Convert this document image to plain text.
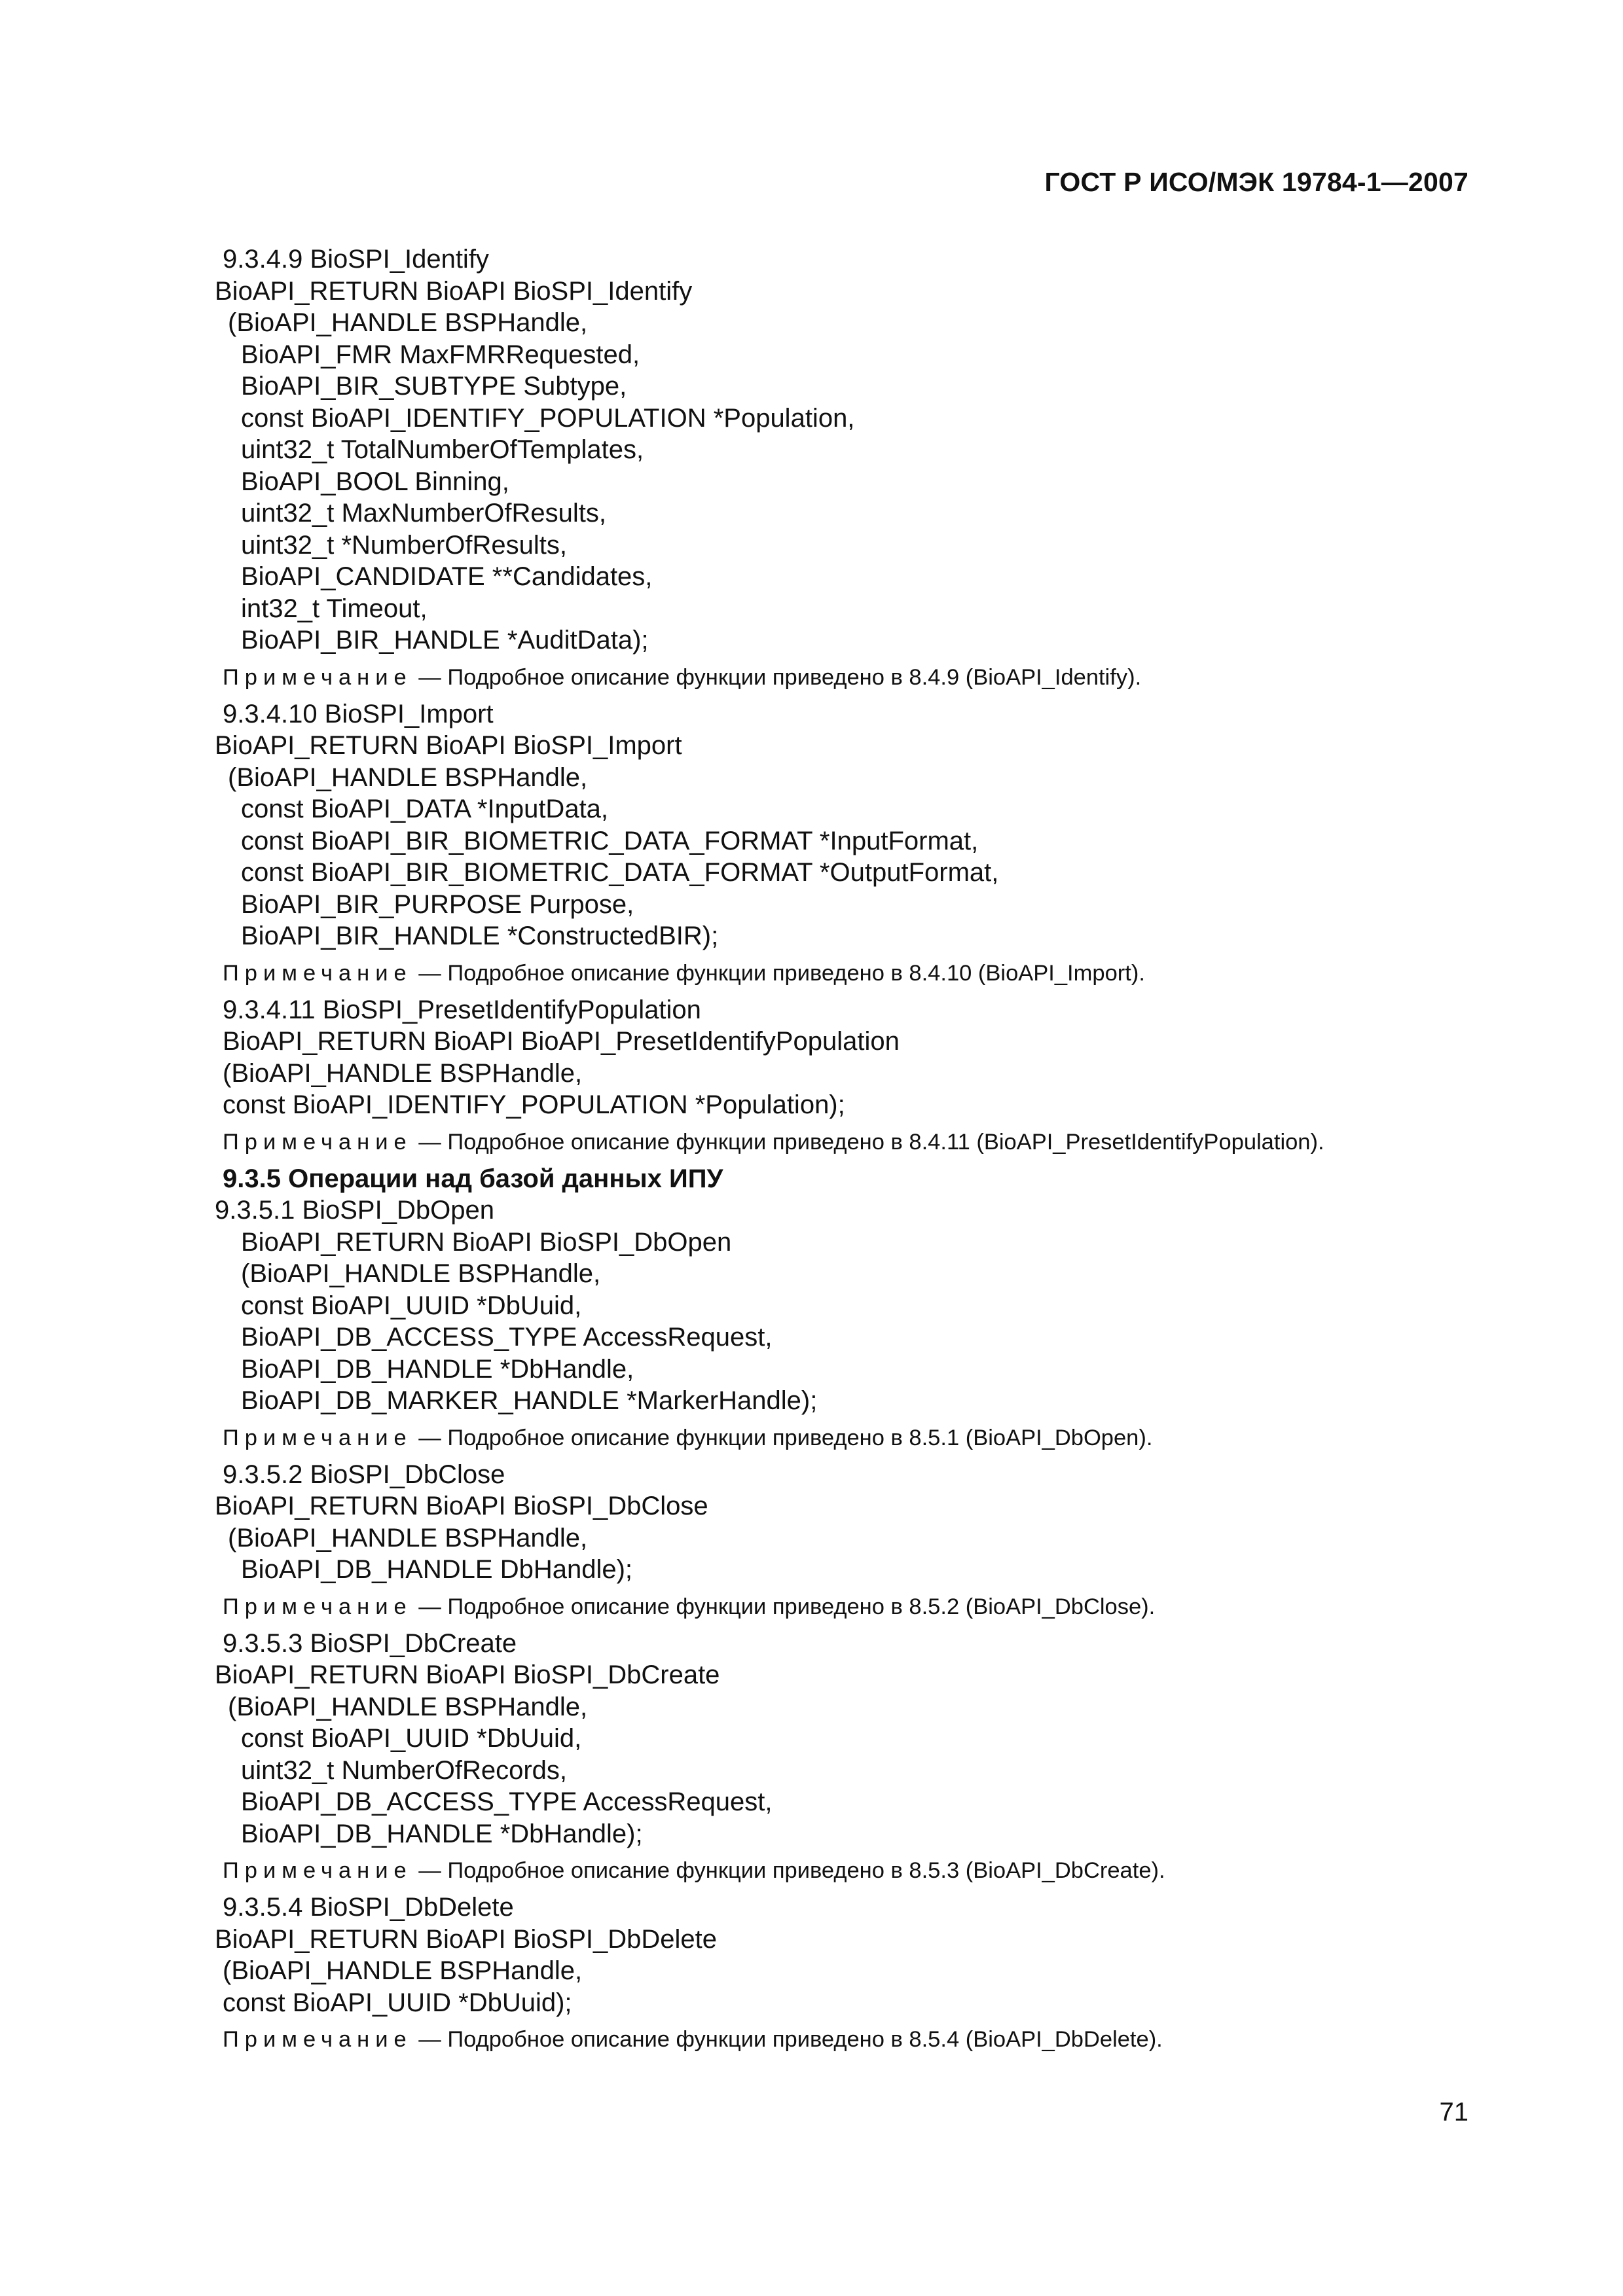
ГОСТ Р ИСО/МЭК 19784-1—2007
9.3.4.9 BioSPI_Identify
BioAPI_RETURN BioAPI BioSPI_Identify
(BioAPI_HANDLE BSPHandle,
BioAPI_FMR MaxFMRRequested,
BioAPI_BIR_SUBTYPE Subtype,
const BioAPI_IDENTIFY_POPULATION *Population,
uint32_t TotalNumberOfTemplates,
BioAPI_BOOL Binning,
uint32_t MaxNumberOfResults,
uint32_t *NumberOfResults,
BioAPI_CANDIDATE **Candidates,
int32_t Timeout,
BioAPI_BIR_HANDLE *AuditData);
Примечание — Подробное описание функции приведено в 8.4.9 (BioAPI_Identify).
9.3.4.10 BioSPI_Import
BioAPI_RETURN BioAPI BioSPI_Import
(BioAPI_HANDLE BSPHandle,
const BioAPI_DATA *InputData,
const BioAPI_BIR_BIOMETRIC_DATA_FORMAT *InputFormat,
const BioAPI_BIR_BIOMETRIC_DATA_FORMAT *OutputFormat,
BioAPI_BIR_PURPOSE Purpose,
BioAPI_BIR_HANDLE *ConstructedBIR);
Примечание — Подробное описание функции приведено в 8.4.10 (BioAPI_Import).
9.3.4.11 BioSPI_PresetIdentifyPopulation
BioAPI_RETURN BioAPI BioAPI_PresetIdentifyPopulation
(BioAPI_HANDLE BSPHandle,
const BioAPI_IDENTIFY_POPULATION *Population);
Примечание — Подробное описание функции приведено в 8.4.11 (BioAPI_PresetIdentifyPopulation).
9.3.5 Операции над базой данных ИПУ
9.3.5.1 BioSPI_DbOpen
BioAPI_RETURN BioAPI BioSPI_DbOpen
(BioAPI_HANDLE BSPHandle,
const BioAPI_UUID *DbUuid,
BioAPI_DB_ACCESS_TYPE AccessRequest,
BioAPI_DB_HANDLE *DbHandle,
BioAPI_DB_MARKER_HANDLE *MarkerHandle);
Примечание — Подробное описание функции приведено в 8.5.1 (BioAPI_DbOpen).
9.3.5.2 BioSPI_DbClose
BioAPI_RETURN BioAPI BioSPI_DbClose
(BioAPI_HANDLE BSPHandle,
BioAPI_DB_HANDLE DbHandle);
Примечание — Подробное описание функции приведено в 8.5.2 (BioAPI_DbClose).
9.3.5.3 BioSPI_DbCreate
BioAPI_RETURN BioAPI BioSPI_DbCreate
(BioAPI_HANDLE BSPHandle,
const BioAPI_UUID *DbUuid,
uint32_t NumberOfRecords,
BioAPI_DB_ACCESS_TYPE AccessRequest,
BioAPI_DB_HANDLE *DbHandle);
Примечание — Подробное описание функции приведено в 8.5.3 (BioAPI_DbCreate).
9.3.5.4 BioSPI_DbDelete
BioAPI_RETURN BioAPI BioSPI_DbDelete
(BioAPI_HANDLE BSPHandle,
const BioAPI_UUID *DbUuid);
Примечание — Подробное описание функции приведено в 8.5.4 (BioAPI_DbDelete).
71
